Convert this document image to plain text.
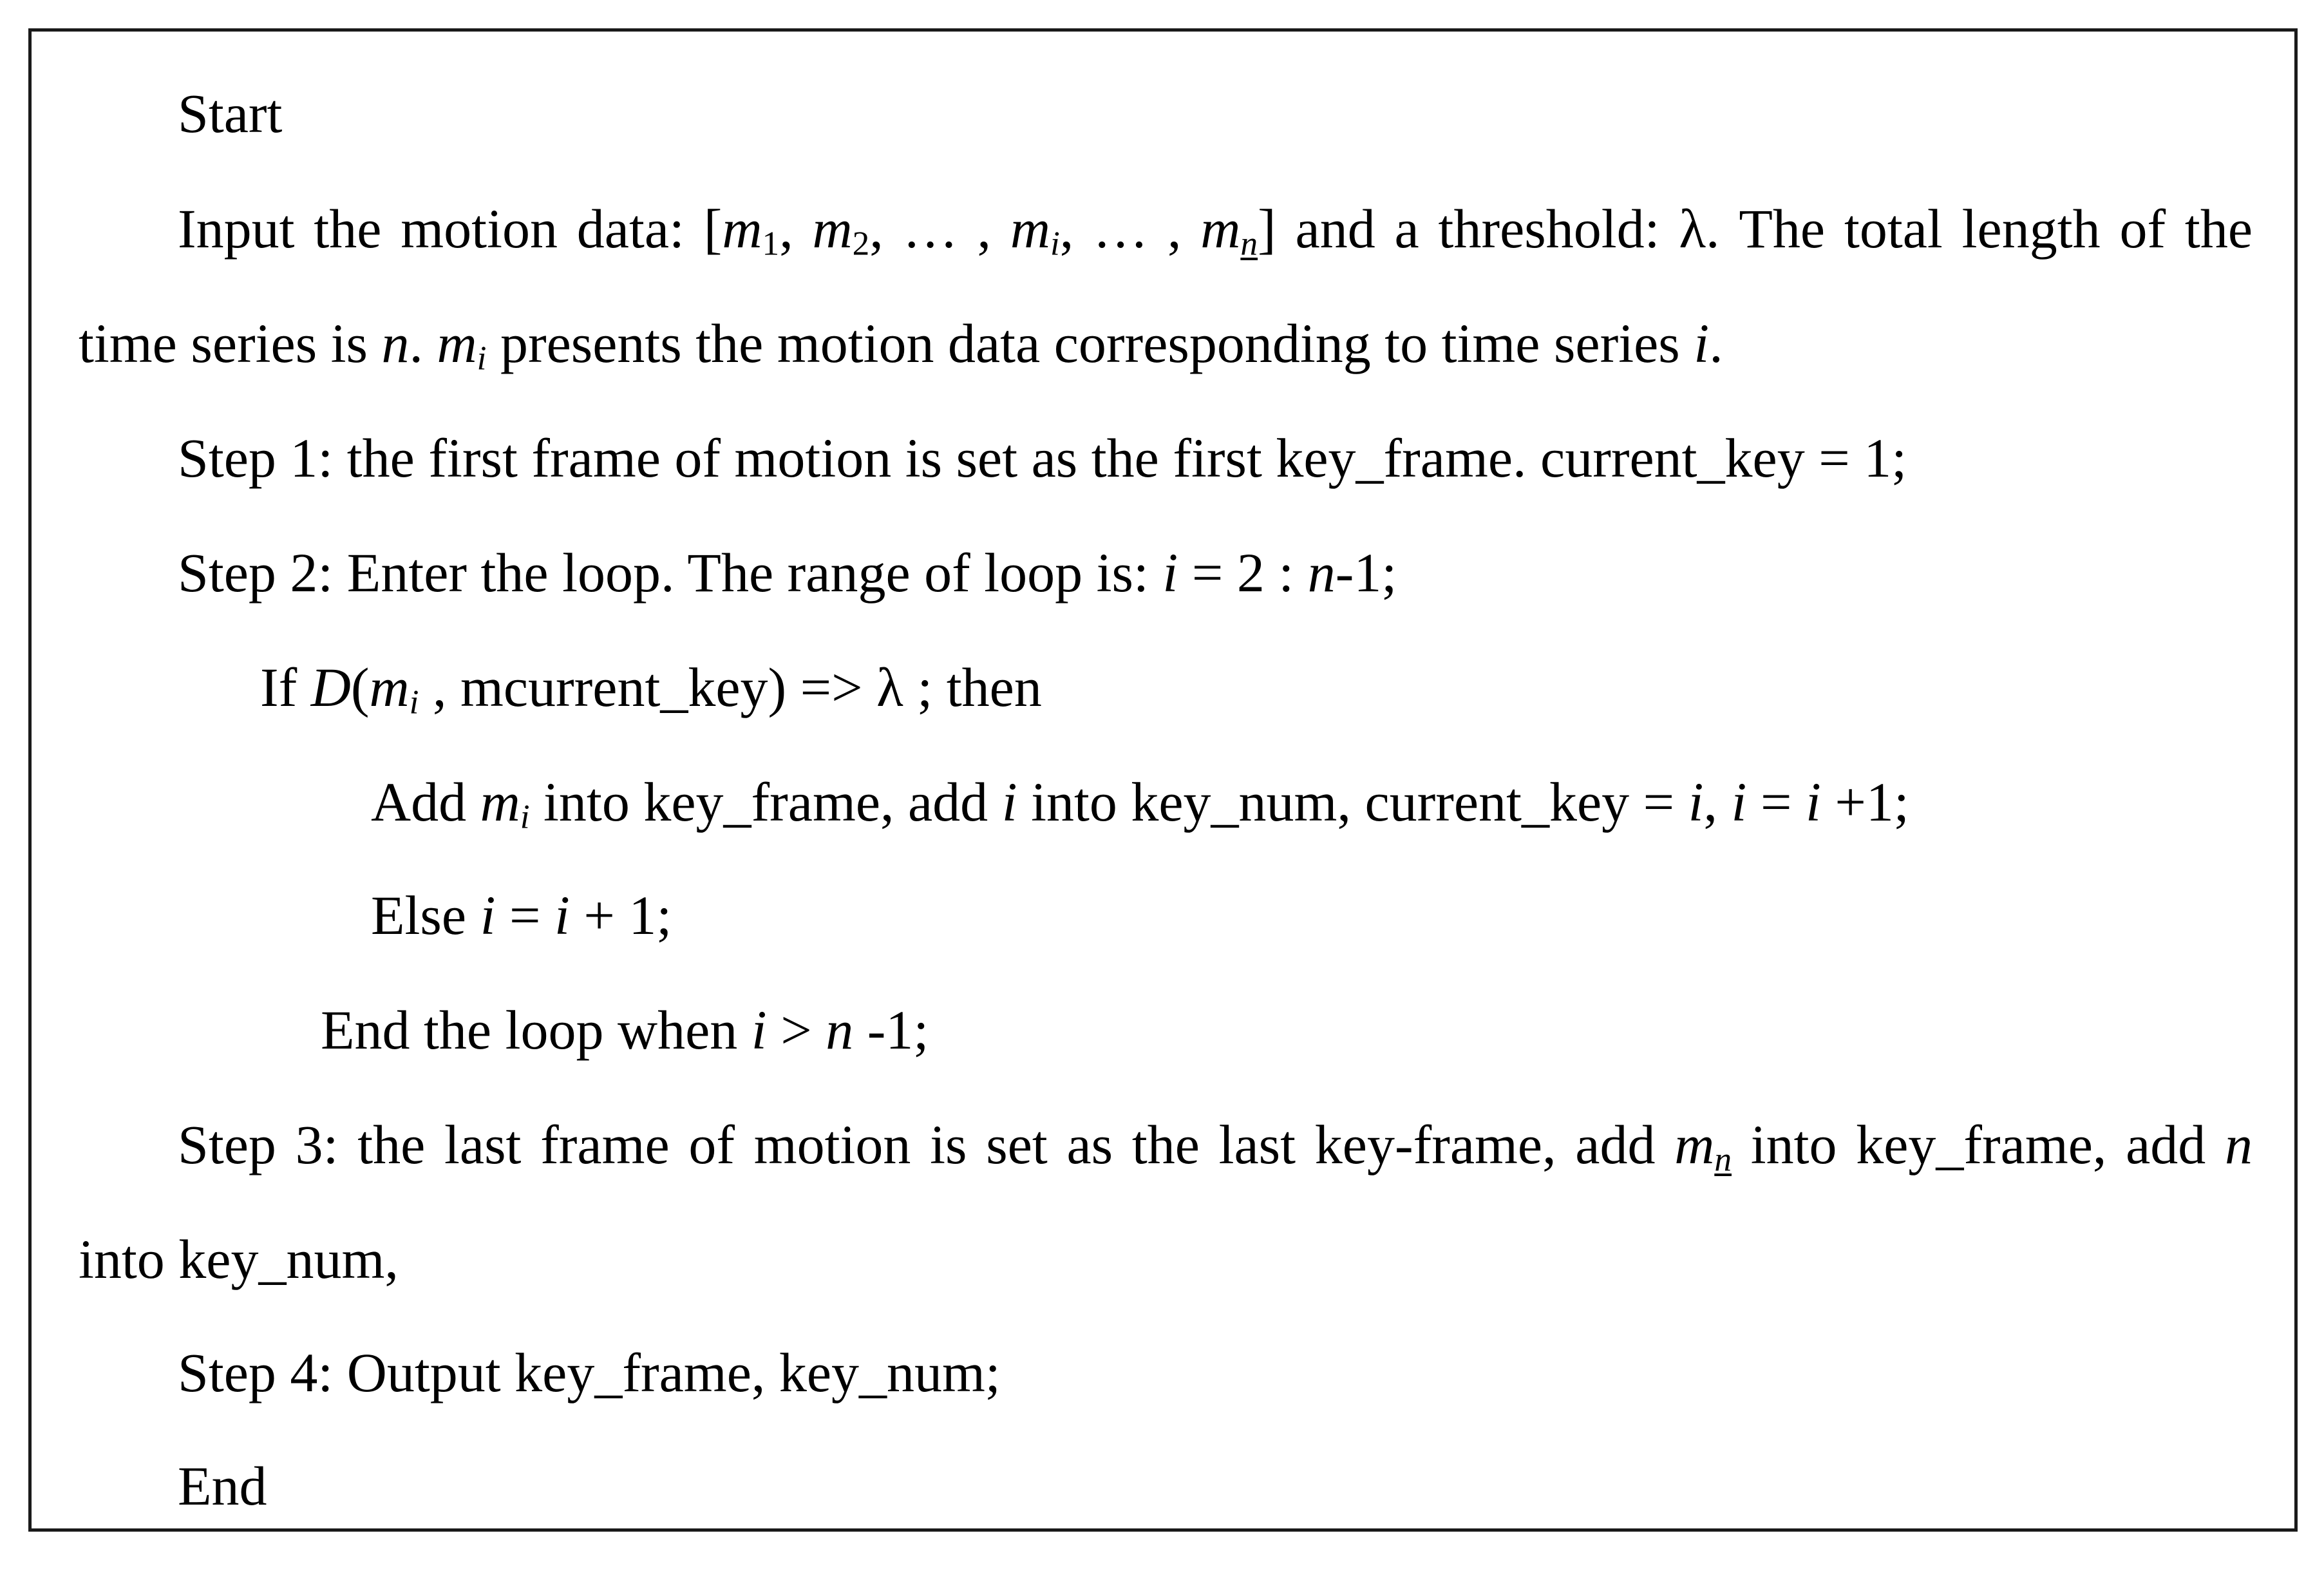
Start
Input the motion data: [$m_1$, $m_2$, … , $m_i$, … , $m_n$] and a threshold: λ. The total length of the
time series is n. $m_i$ presents the motion data corresponding to time series i.
Step 1: the first frame of motion is set as the first key_frame. current_key = 1;
Step 2: Enter the loop. The range of loop is: i = 2 : n-1;
If $D(m_i$ , mcurrent_key) => λ ; then
Add $m_i$ into key_frame, add i into key_num, current_key = i, i = i +1;
Else i = i + 1;
End the loop when i > n -1;
Step 3: the last frame of motion is set as the last key-frame, add $m_n$ into key_frame, add n
into key_num,
Step 4: Output key_frame, key_num;
End
